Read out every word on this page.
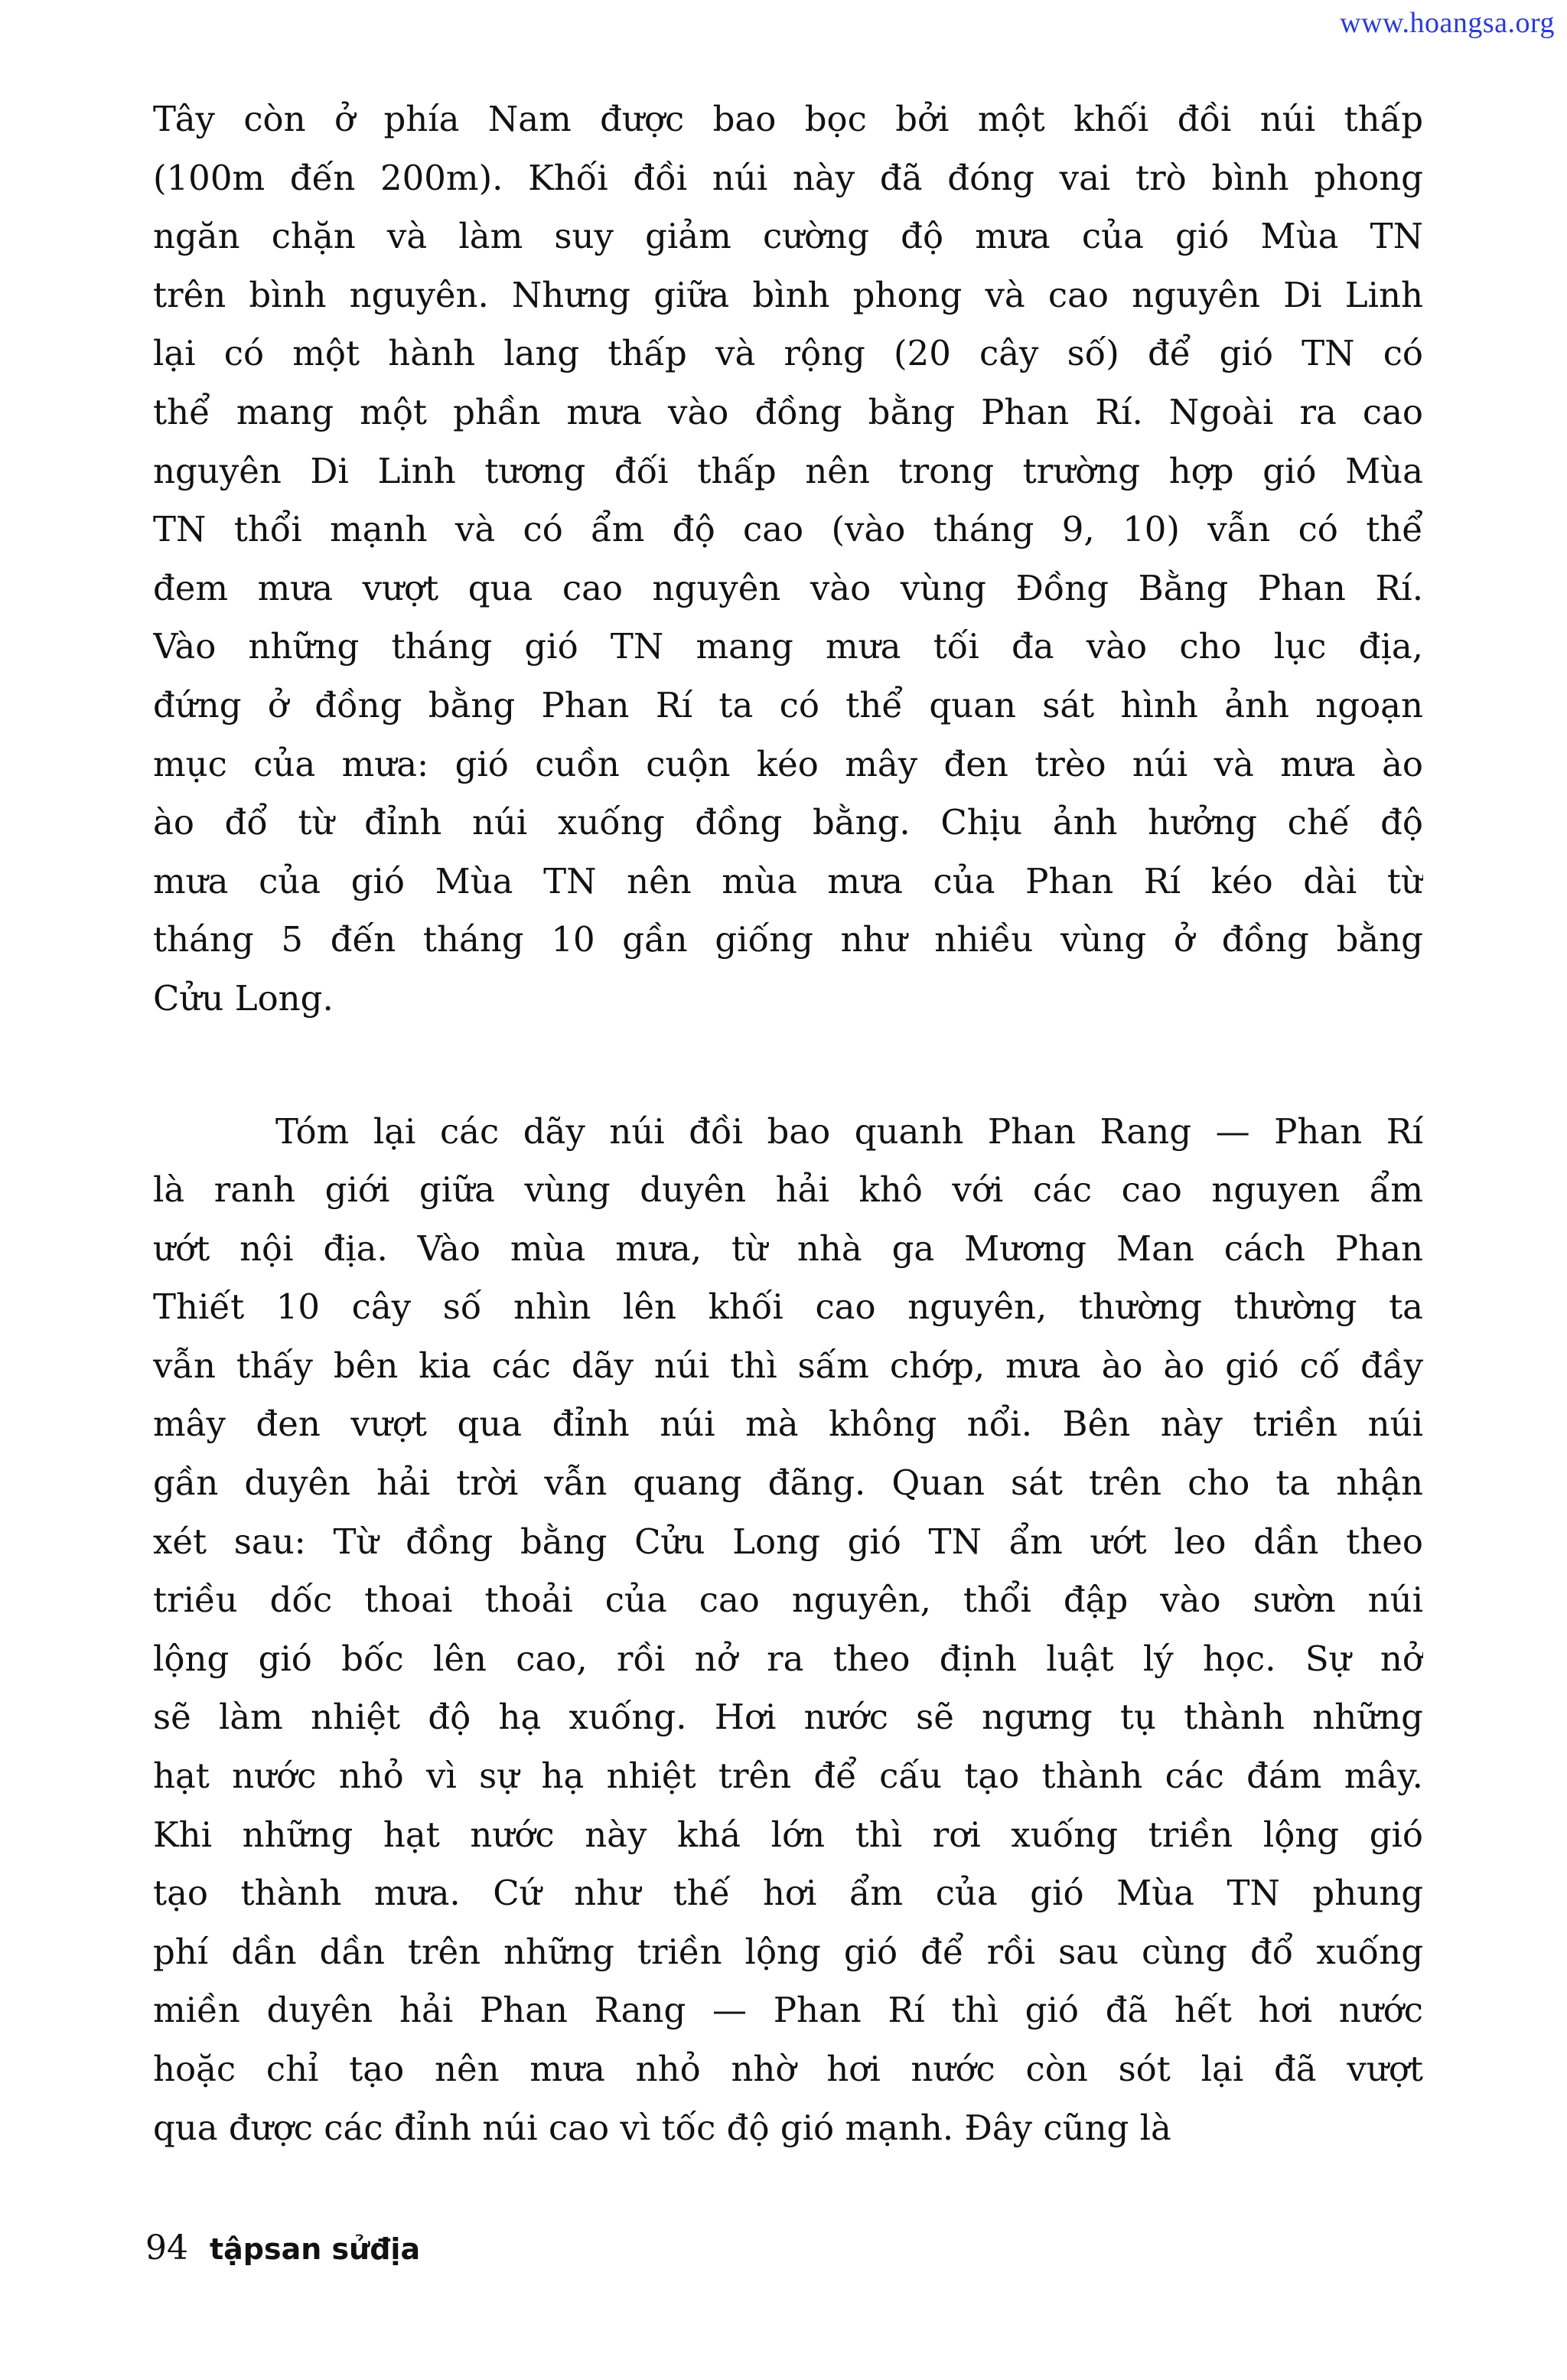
www.hoangsa.org
Tây còn ở phía Nam được bao bọc bởi một khối đồi núi thấp
(100m đến 200m). Khối đồi núi này đã đóng vai trò bình phong
ngăn chặn và làm suy giảm cường độ mưa của gió Mùa TN
trên bình nguyên. Nhưng giữa bình phong và cao nguyên Di Linh
lại có một hành lang thấp và rộng (20 cây số) để gió TN có
thể mang một phần mưa vào đồng bằng Phan Rí. Ngoài ra cao
nguyên Di Linh tương đối thấp nên trong trường hợp gió Mùa
TN thổi mạnh và có ẩm độ cao (vào tháng 9, 10) vẫn có thể
đem mưa vượt qua cao nguyên vào vùng Đồng Bằng Phan Rí.
Vào những tháng gió TN mang mưa tối đa vào cho lục địa,
đứng ở đồng bằng Phan Rí ta có thể quan sát hình ảnh ngoạn
mục của mưa: gió cuồn cuộn kéo mây đen trèo núi và mưa ào
ào đổ từ đỉnh núi xuống đồng bằng. Chịu ảnh hưởng chế độ
mưa của gió Mùa TN nên mùa mưa của Phan Rí kéo dài từ
tháng 5 đến tháng 10 gần giống như nhiều vùng ở đồng bằng
Cửu Long.
Tóm lại các dãy núi đồi bao quanh Phan Rang — Phan Rí
là ranh giới giữa vùng duyên hải khô với các cao nguyen ẩm
ướt nội địa. Vào mùa mưa, từ nhà ga Mương Man cách Phan
Thiết 10 cây số nhìn lên khối cao nguyên, thường thường ta
vẫn thấy bên kia các dãy núi thì sấm chớp, mưa ào ào gió cố đầy
mây đen vượt qua đỉnh núi mà không nổi. Bên này triền núi
gần duyên hải trời vẫn quang đãng. Quan sát trên cho ta nhận
xét sau: Từ đồng bằng Cửu Long gió TN ẩm ướt leo dần theo
triều dốc thoai thoải của cao nguyên, thổi đập vào sườn núi
lộng gió bốc lên cao, rồi nở ra theo định luật lý học. Sự nở
sẽ làm nhiệt độ hạ xuống. Hơi nước sẽ ngưng tụ thành những
hạt nước nhỏ vì sự hạ nhiệt trên để cấu tạo thành các đám mây.
Khi những hạt nước này khá lớn thì rơi xuống triền lộng gió
tạo thành mưa. Cứ như thế hơi ẩm của gió Mùa TN phung
phí dần dần trên những triền lộng gió để rồi sau cùng đổ xuống
miền duyên hải Phan Rang — Phan Rí thì gió đã hết hơi nước
hoặc chỉ tạo nên mưa nhỏ nhờ hơi nước còn sót lại đã vượt
qua được các đỉnh núi cao vì tốc độ gió mạnh. Đây cũng là
94 tậpsan sửđịa
